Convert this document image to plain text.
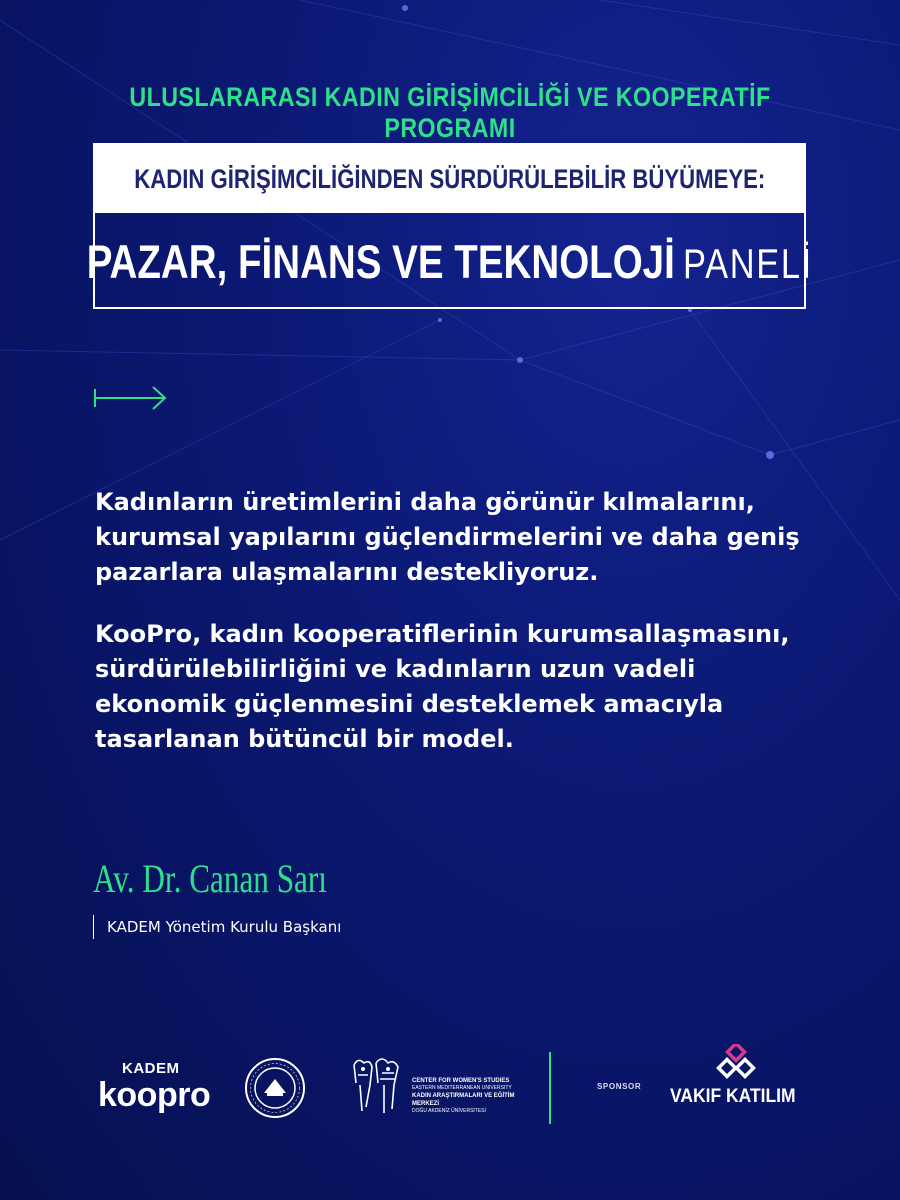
ULUSLARARASI KADIN GİRİŞİMCİLİĞİ VE KOOPERATİF PROGRAMI
KADIN GİRİŞİMCİLİĞİNDEN SÜRDÜRÜLEBİLİR BÜYÜMEYE:
PAZAR, FİNANS VE TEKNOLOJİ PANELİ
Kadınların üretimlerini daha görünür kılmalarını, kurumsal yapılarını güçlendirmelerini ve daha geniş pazarlara ulaşmalarını destekliyoruz.
KooPro, kadın kooperatiflerinin kurumsallaşmasını, sürdürülebilirliğini ve kadınların uzun vadeli ekonomik güçlenmesini desteklemek amacıyla tasarlanan bütüncül bir model.
Av. Dr. Canan Sarı
KADEM Yönetim Kurulu Başkanı
KADEM
koopro	CENTER FOR WOMEN'S STUDIES
EASTERN MEDITERRANEAN UNIVERSITY
KADIN ARAŞTIRMALARI VE EĞİTİM MERKEZİ
DOĞU AKDENİZ ÜNİVERSİTESİ
SPONSOR VAKIF KATILIM
